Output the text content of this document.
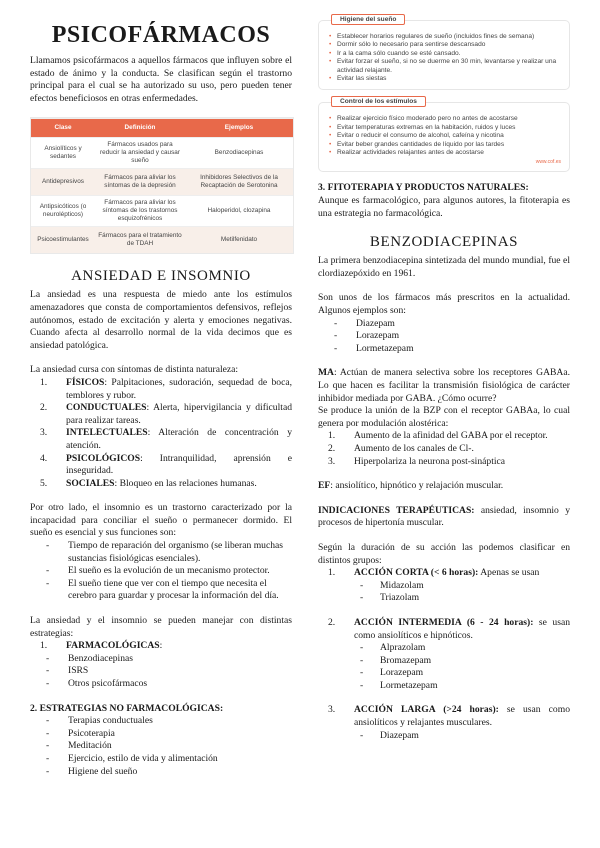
PSICOFÁRMACOS

Llamamos psicofármacos a aquellos fármacos que influyen sobre el estado de ánimo y la conducta. Se clasifican según el trastorno principal para el cual se ha autorizado su uso, pero pueden tener efectos beneficiosos en otras enfermedades.

Clase	Definición	Ejemplos
Ansiolíticos y sedantes
Fármacos usados para reducir la ansiedad y causar sueño
Benzodiacepinas
Antidepresivos
Fármacos para aliviar los síntomas de la depresión
Inhibidores Selectivos de la Recaptación de Serotonina
Antipsicóticos (o neurolépticos)
Fármacos para aliviar los síntomas de los trastornos esquizofrénicos
Haloperidol, clozapina
Psicoestimulantes
Fármacos para el tratamiento de TDAH
Metilfenidato
ANSIEDAD E INSOMNIO

La ansiedad es una respuesta de miedo ante los estímulos amenazadores que consta de comportamientos defensivos, reflejos autónomos, estado de excitación y alerta y emociones negativas. Cuando afecta al desarrollo normal de la vida decimos que es ansiedad patológica.

La ansiedad cursa con síntomas de distinta naturaleza:

1. FÍSICOS: Palpitaciones, sudoración, sequedad de boca, temblores y rubor.
2. CONDUCTUALES: Alerta, hipervigilancia y dificultad para realizar tareas.
3. INTELECTUALES: Alteración de concentración y atención.
4. PSICOLÓGICOS: Intranquilidad, aprensión e inseguridad.
5. SOCIALES: Bloqueo en las relaciones humanas.

Por otro lado, el insomnio es un trastorno caracterizado por la incapacidad para conciliar el sueño o permanecer dormido. El sueño es esencial y sus funciones son:

- Tiempo de reparación del organismo (se liberan muchas sustancias fisiológicas esenciales).
- El sueño es la evolución de un mecanismo protector.
- El sueño tiene que ver con el tiempo que necesita el cerebro para guardar y procesar la información del día.

La ansiedad y el insomnio se pueden manejar con distintas estrategias:

1. FARMACOLÓGICAS:
- Benzodiacepinas
- ISRS
- Otros psicofármacos

2. ESTRATEGIAS NO FARMACOLÓGICAS:

- Terapias conductuales
- Psicoterapia
- Meditación
- Ejercicio, estilo de vida y alimentación
- Higiene del sueño
Higiene del sueño
• Establecer horarios regulares de sueño (incluidos fines de semana)
• Dormir sólo lo necesario para sentirse descansado
• Ir a la cama sólo cuando se esté cansado.
• Evitar forzar el sueño, si no se duerme en 30 min, levantarse y realizar una actividad relajante.
• Evitar las siestas
Control de los estímulos
• Realizar ejercicio físico moderado pero no antes de acostarse
• Evitar temperaturas extremas en la habitación, ruidos y luces
• Evitar o reducir el consumo de alcohol, cafeína y nicotina
• Evitar beber grandes cantidades de líquido por las tardes
• Realizar actividades relajantes antes de acostarse
www.cof.es

3. FITOTERAPIA Y PRODUCTOS NATURALES:

Aunque es farmacológico, para algunos autores, la fitoterapia es una estrategia no farmacológica.

BENZODIACEPINAS

La primera benzodiacepina sintetizada del mundo mundial, fue el clordiazepóxido en 1961.

Son unos de los fármacos más prescritos en la actualidad. Algunos ejemplos son:

- Diazepam
- Lorazepam
- Lormetazepam

MA: Actúan de manera selectiva sobre los receptores GABAa. Lo que hacen es facilitar la transmisión fisiológica de carácter inhibidor mediada por GABA. ¿Cómo ocurre?

Se produce la unión de la BZP con el receptor GABAa, lo cual genera por modulación alostérica:

1. Aumento de la afinidad del GABA por el receptor.
2. Aumento de los canales de Cl-.
3. Hiperpolariza la neurona post-sináptica

EF: ansiolítico, hipnótico y relajación muscular.

INDICACIONES TERAPÉUTICAS: ansiedad, insomnio y procesos de hipertonía muscular.

Según la duración de su acción las podemos clasificar en distintos grupos:

1. ACCIÓN CORTA (< 6 horas): Apenas se usan
- Midazolam
- Triazolam
2. ACCIÓN INTERMEDIA (6 - 24 horas): se usan como ansiolíticos e hipnóticos.
- Alprazolam
- Bromazepam
- Lorazepam
- Lormetazepam
3. ACCIÓN LARGA (>24 horas): se usan como ansiolíticos y relajantes musculares.
- Diazepam
